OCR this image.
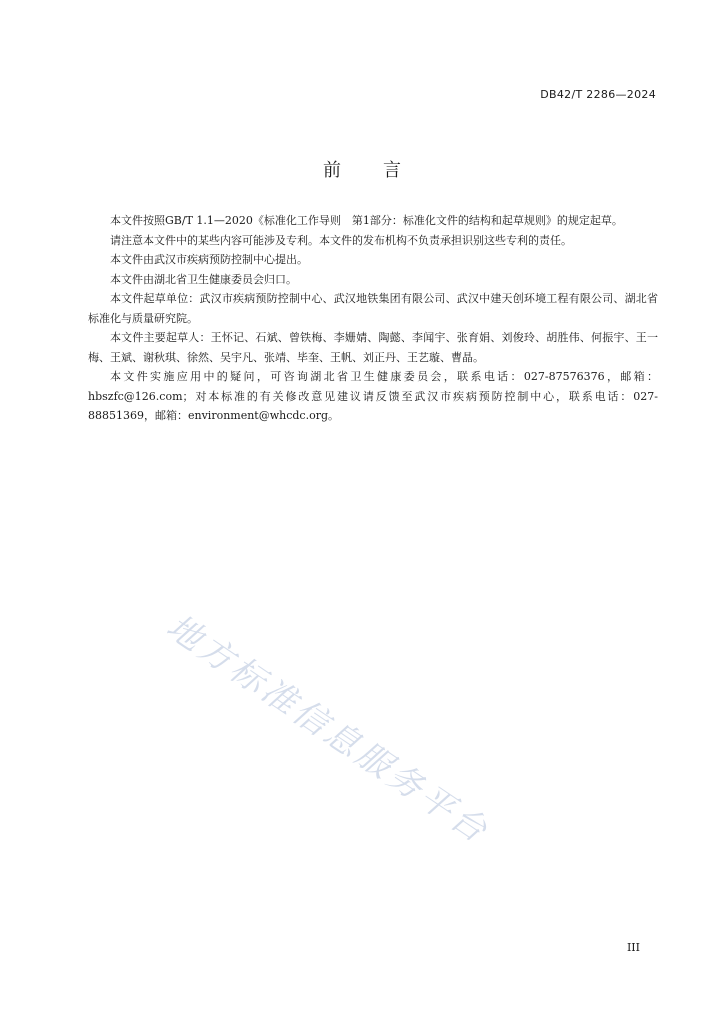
DB42/T 2286—2024
前言

本文件按照GB/T 1.1—2020《标准化工作导则　第1部分：标准化文件的结构和起草规则》的规定起草。

请注意本文件中的某些内容可能涉及专利。本文件的发布机构不负责承担识别这些专利的责任。

本文件由武汉市疾病预防控制中心提出。

本文件由湖北省卫生健康委员会归口。

本文件起草单位：武汉市疾病预防控制中心、武汉地铁集团有限公司、武汉中建天创环境工程有限公司、湖北省标准化与质量研究院。

本文件主要起草人：王怀记、石斌、曾铁梅、李姗婧、陶懿、李闻宇、张育娟、刘俊玲、胡胜伟、何振宇、王一梅、王斌、谢秋琪、徐然、吴宇凡、张靖、毕奎、王帆、刘正丹、王艺璇、曹晶。

本文件实施应用中的疑问，可咨询湖北省卫生健康委员会，联系电话：027-87576376，邮箱：hbszfc@126.com；对本标准的有关修改意见建议请反馈至武汉市疾病预防控制中心，联系电话：027-88851369，邮箱：environment@whcdc.org。

地方标准信息服务平台
III
